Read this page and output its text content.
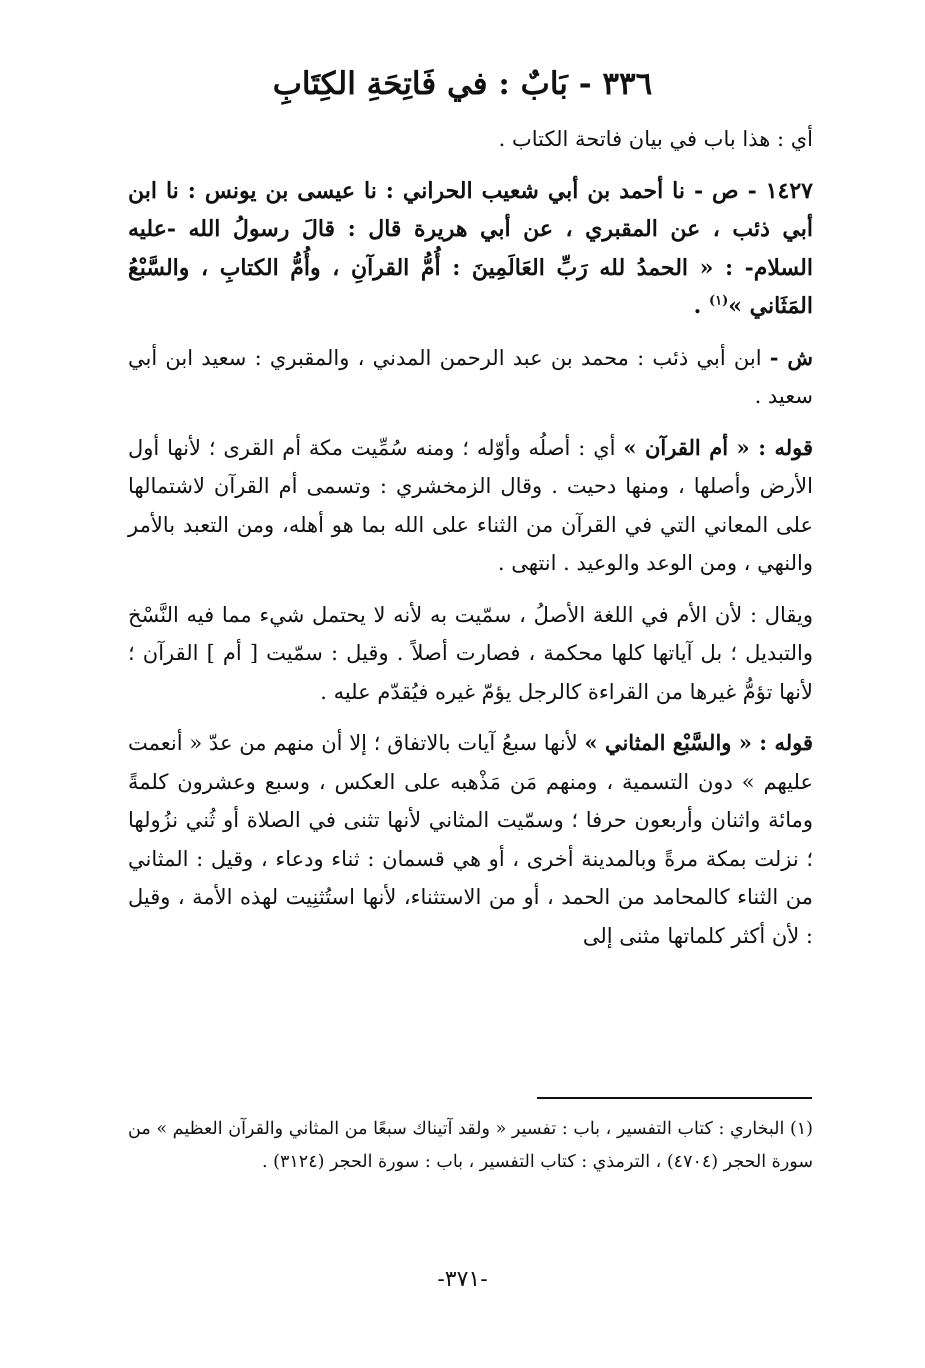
٣٣٦ - بَابٌ : في فَاتِحَةِ الكِتَابِ

أي : هذا باب في بيان فاتحة الكتاب .

١٤٢٧ - ص - نا أحمد بن أبي شعيب الحراني : نا عيسى بن يونس : نا ابن أبي ذئب ، عن المقبري ، عن أبي هريرة قال : قالَ رسولُ الله -عليه السلام- : « الحمدُ لله رَبِّ العَالَمِينَ : أُمُّ القرآنِ ، وأُمُّ الكتابِ ، والسَّبْعُ المَثَاني »$^{(١)}$ .

ش - ابن أبي ذئب : محمد بن عبد الرحمن المدني ، والمقبري : سعيد ابن أبي سعيد .

قوله : « أم القرآن » أي : أصلُه وأوّله ؛ ومنه سُمِّيت مكة أم القرى ؛ لأنها أول الأرض وأصلها ، ومنها دحيت . وقال الزمخشري : وتسمى أم القرآن لاشتمالها على المعاني التي في القرآن من الثناء على الله بما هو أهله، ومن التعبد بالأمر والنهي ، ومن الوعد والوعيد . انتهى .

ويقال : لأن الأم في اللغة الأصلُ ، سمّيت به لأنه لا يحتمل شيء مما فيه النَّسْخ والتبديل ؛ بل آياتها كلها محكمة ، فصارت أصلاً . وقيل : سمّيت [ أم ] القرآن ؛ لأنها تؤمُّ غيرها من القراءة كالرجل يؤمّ غيره فيُقدّم عليه .

قوله : « والسَّبْع المثاني » لأنها سبعُ آيات بالاتفاق ؛ إلا أن منهم من عدّ « أنعمت عليهم » دون التسمية ، ومنهم مَن مَذْهبه على العكس ، وسبع وعشرون كلمةً ومائة واثنان وأربعون حرفا ؛ وسمّيت المثاني لأنها تثنى في الصلاة أو ثُني نزُولها ؛ نزلت بمكة مرةً وبالمدينة أخرى ، أو هي قسمان : ثناء ودعاء ، وقيل : المثاني من الثناء كالمحامد من الحمد ، أو من الاستثناء، لأنها استُثنِيت لهذه الأمة ، وقيل : لأن أكثر كلماتها مثنى إلى

(١) البخاري : كتاب التفسير ، باب : تفسير « ولقد آتيناك سبعًا من المثاني والقرآن العظيم » من سورة الحجر (٤٧٠٤) ، الترمذي : كتاب التفسير ، باب : سورة الحجر (٣١٢٤) .

-٣٧١-
